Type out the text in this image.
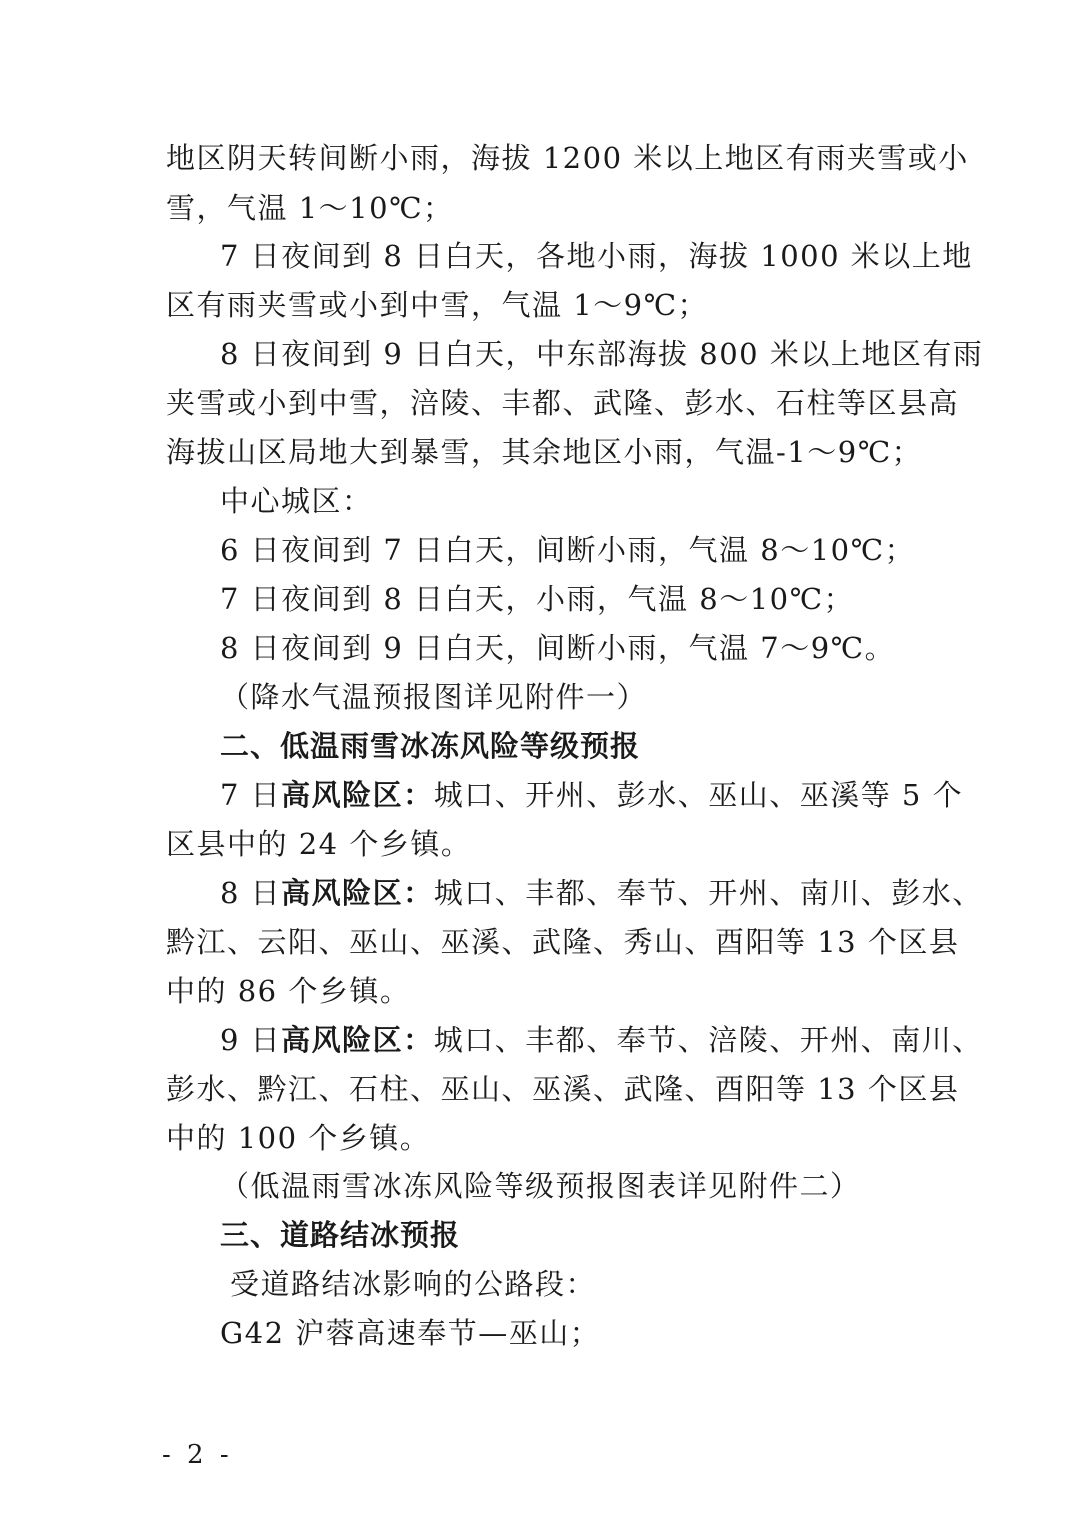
地区阴天转间断小雨，海拔 1200 米以上地区有雨夹雪或小
雪，气温 1～10℃；
7 日夜间到 8 日白天，各地小雨，海拔 1000 米以上地
区有雨夹雪或小到中雪，气温 1～9℃；
8 日夜间到 9 日白天，中东部海拔 800 米以上地区有雨
夹雪或小到中雪，涪陵、丰都、武隆、彭水、石柱等区县高
海拔山区局地大到暴雪，其余地区小雨，气温-1～9℃；
中心城区：
6 日夜间到 7 日白天，间断小雨，气温 8～10℃；
7 日夜间到 8 日白天，小雨，气温 8～10℃；
8 日夜间到 9 日白天，间断小雨，气温 7～9℃。
（降水气温预报图详见附件一）
二、低温雨雪冰冻风险等级预报
7 日高风险区：城口、开州、彭水、巫山、巫溪等 5 个
区县中的 24 个乡镇。
8 日高风险区：城口、丰都、奉节、开州、南川、彭水、
黔江、云阳、巫山、巫溪、武隆、秀山、酉阳等 13 个区县
中的 86 个乡镇。
9 日高风险区：城口、丰都、奉节、涪陵、开州、南川、
彭水、黔江、石柱、巫山、巫溪、武隆、酉阳等 13 个区县
中的 100 个乡镇。
（低温雨雪冰冻风险等级预报图表详见附件二）
三、道路结冰预报
受道路结冰影响的公路段：
G42 沪蓉高速奉节—巫山；
- 2 -
